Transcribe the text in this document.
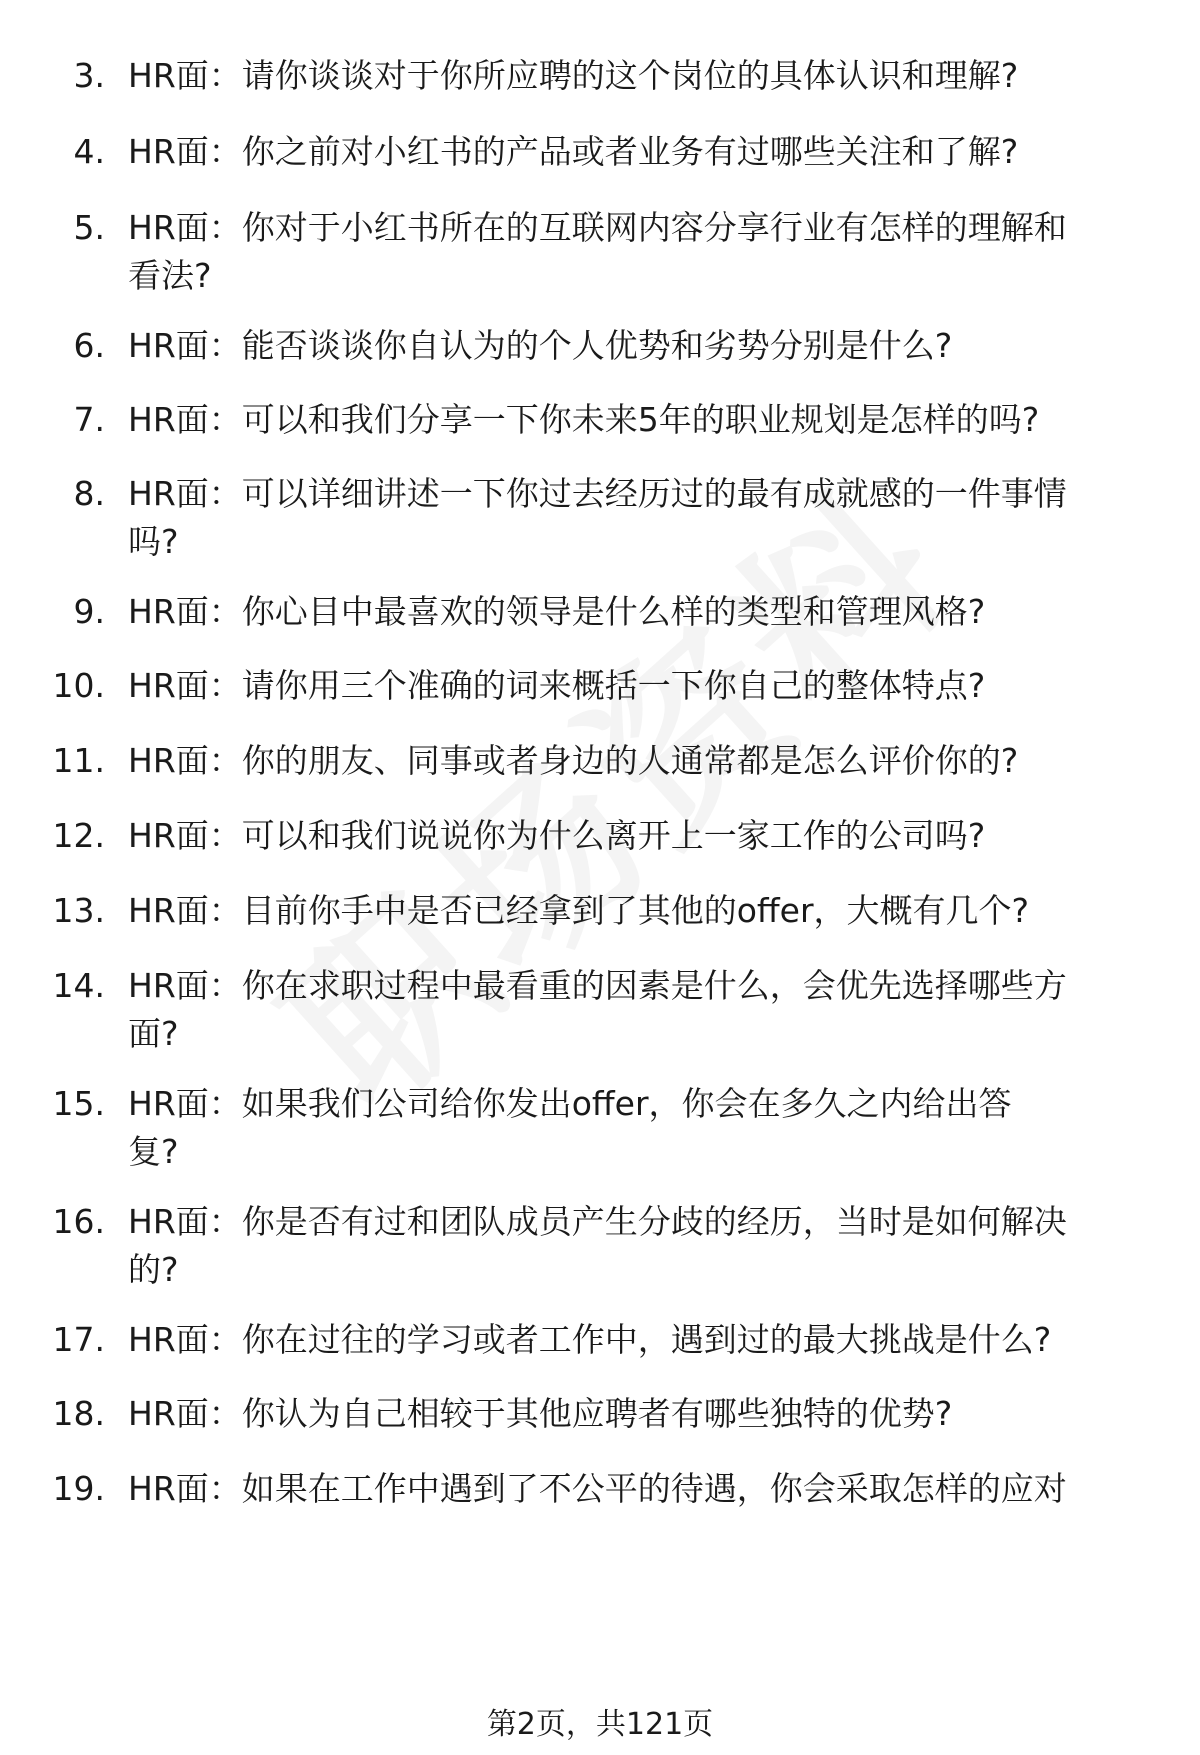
3. HR面：请你谈谈对于你所应聘的这个岗位的具体认识和理解?
4. HR面：你之前对小红书的产品或者业务有过哪些关注和了解?
5. HR面：你对于小红书所在的互联网内容分享行业有怎样的理解和
看法?
6. HR面：能否谈谈你自认为的个人优势和劣势分别是什么?
7. HR面：可以和我们分享一下你未来5年的职业规划是怎样的吗?
8. HR面：可以详细讲述一下你过去经历过的最有成就感的一件事情
吗?
9. HR面：你心目中最喜欢的领导是什么样的类型和管理风格?
10. HR面：请你用三个准确的词来概括一下你自己的整体特点?
11. HR面：你的朋友、同事或者身边的人通常都是怎么评价你的?
12. HR面：可以和我们说说你为什么离开上一家工作的公司吗?
13. HR面：目前你手中是否已经拿到了其他的offer，大概有几个?
14. HR面：你在求职过程中最看重的因素是什么，会优先选择哪些方
面?
15. HR面：如果我们公司给你发出offer，你会在多久之内给出答
复?
16. HR面：你是否有过和团队成员产生分歧的经历，当时是如何解决
的?
17. HR面：你在过往的学习或者工作中，遇到过的最大挑战是什么?
18. HR面：你认为自己相较于其他应聘者有哪些独特的优势?
19. HR面：如果在工作中遇到了不公平的待遇，你会采取怎样的应对
第2页，共121页
